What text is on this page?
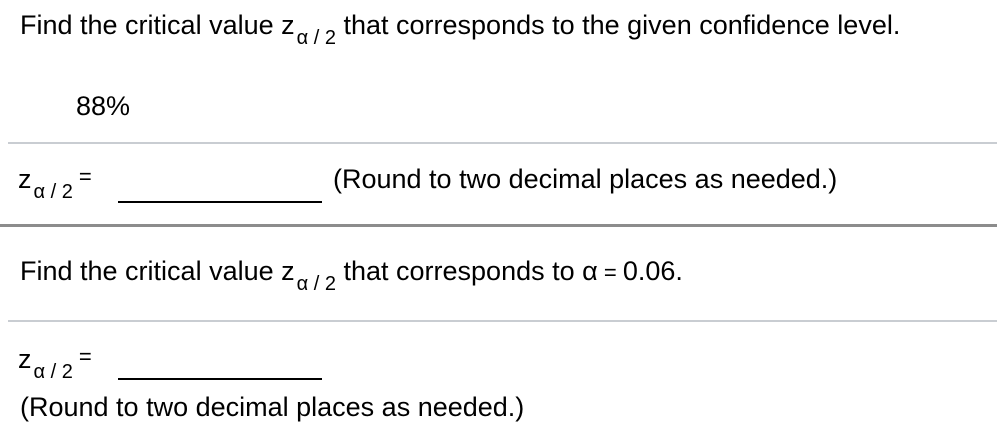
Find the critical value z $_{\alpha / 2}$ that corresponds to the given confidence level.
88%
z $_{\alpha / 2}$=	(Round to two decimal places as needed.)
Find the critical value z $_{\alpha / 2}$ that corresponds to α = 0.06.
z $_{\alpha / 2}$=
(Round to two decimal places as needed.)
